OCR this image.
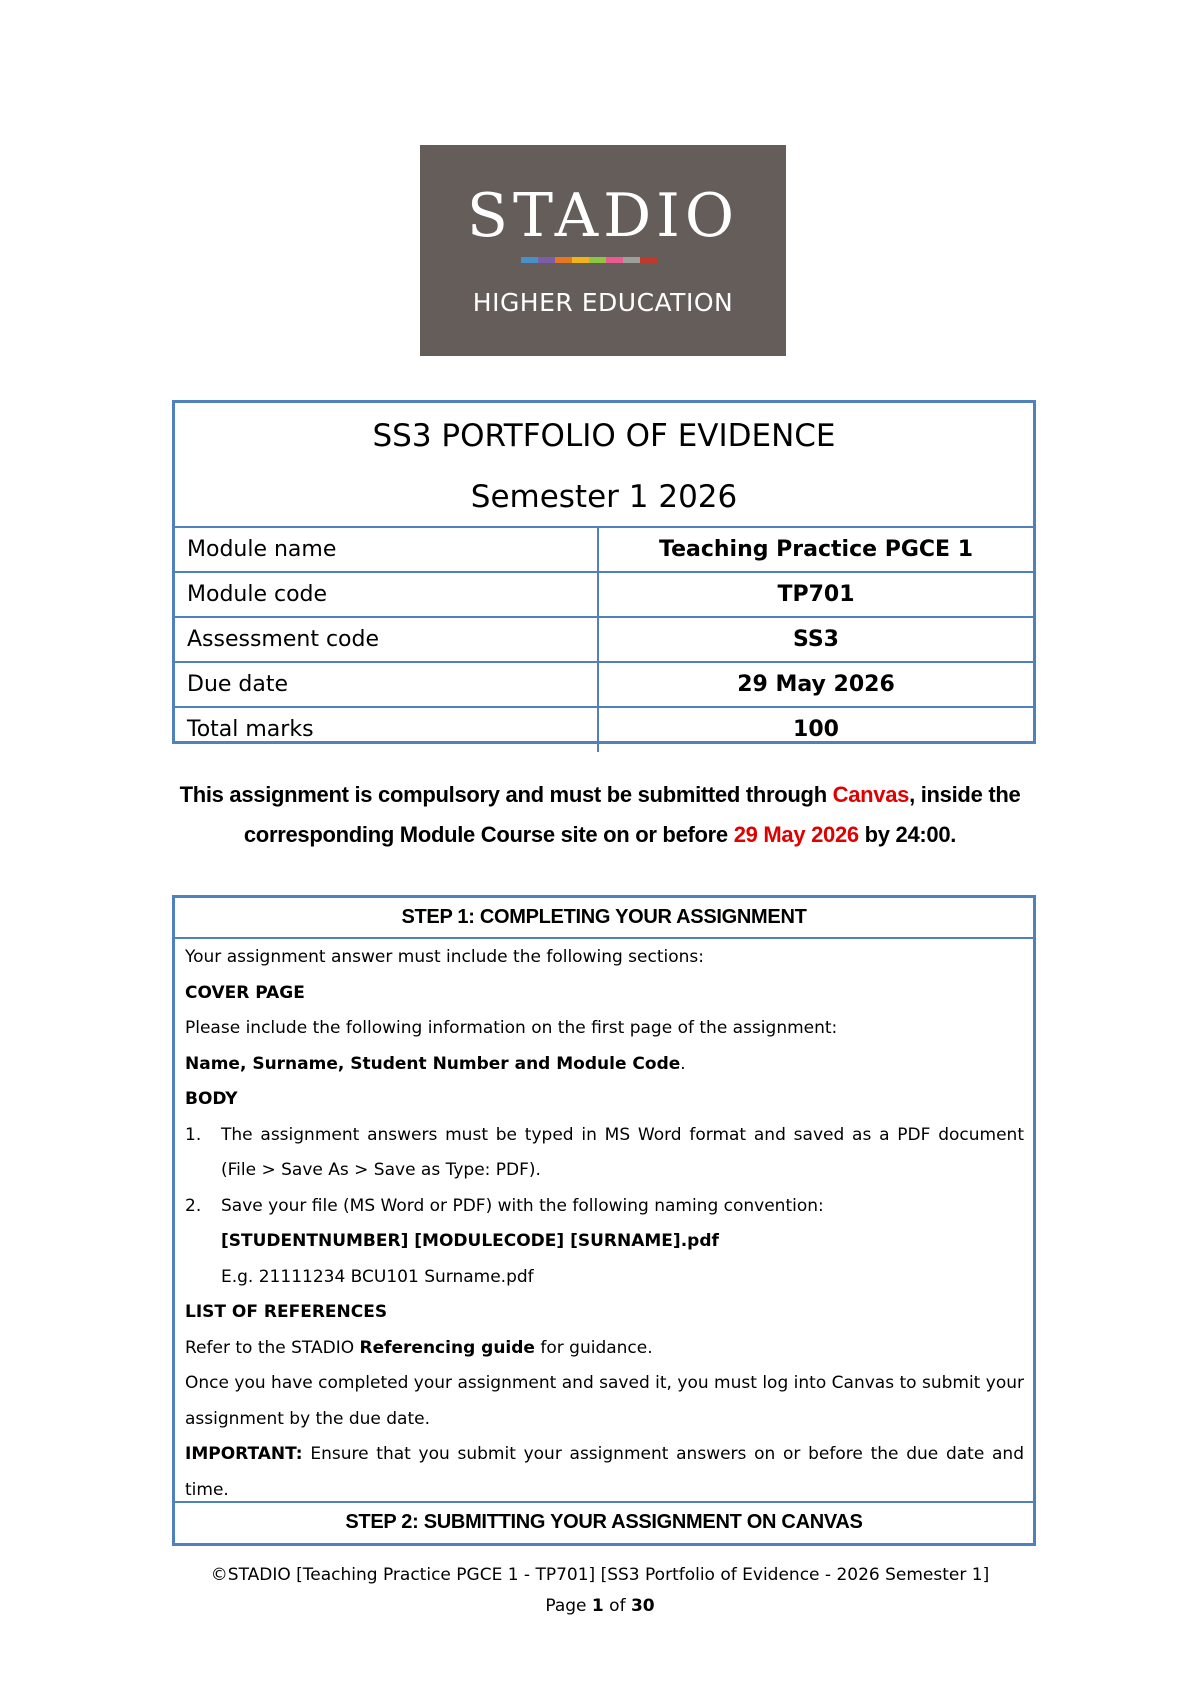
STADIO
HIGHER EDUCATION
SS3 PORTFOLIO OF EVIDENCE
Semester 1 2026
Module name	Teaching Practice PGCE 1
Module code	TP701
Assessment code	SS3
Due date	29 May 2026
Total marks	100
This assignment is compulsory and must be submitted through Canvas, inside the corresponding Module Course site on or before 29 May 2026 by 24:00.
STEP 1: COMPLETING YOUR ASSIGNMENT

Your assignment answer must include the following sections:

COVER PAGE

Please include the following information on the first page of the assignment:

Name, Surname, Student Number and Module Code.

BODY

1.	The assignment answers must be typed in MS Word format and saved as a PDF document (File > Save As > Save as Type: PDF).
2.	Save your file (MS Word or PDF) with the following naming convention:

[STUDENTNUMBER] [MODULECODE] [SURNAME].pdf

E.g. 21111234 BCU101 Surname.pdf

LIST OF REFERENCES

Refer to the STADIO Referencing guide for guidance.

Once you have completed your assignment and saved it, you must log into Canvas to submit your assignment by the due date.

IMPORTANT: Ensure that you submit your assignment answers on or before the due date and time.

STEP 2: SUBMITTING YOUR ASSIGNMENT ON CANVAS
©STADIO [Teaching Practice PGCE 1 - TP701] [SS3 Portfolio of Evidence - 2026 Semester 1]
Page 1 of 30
